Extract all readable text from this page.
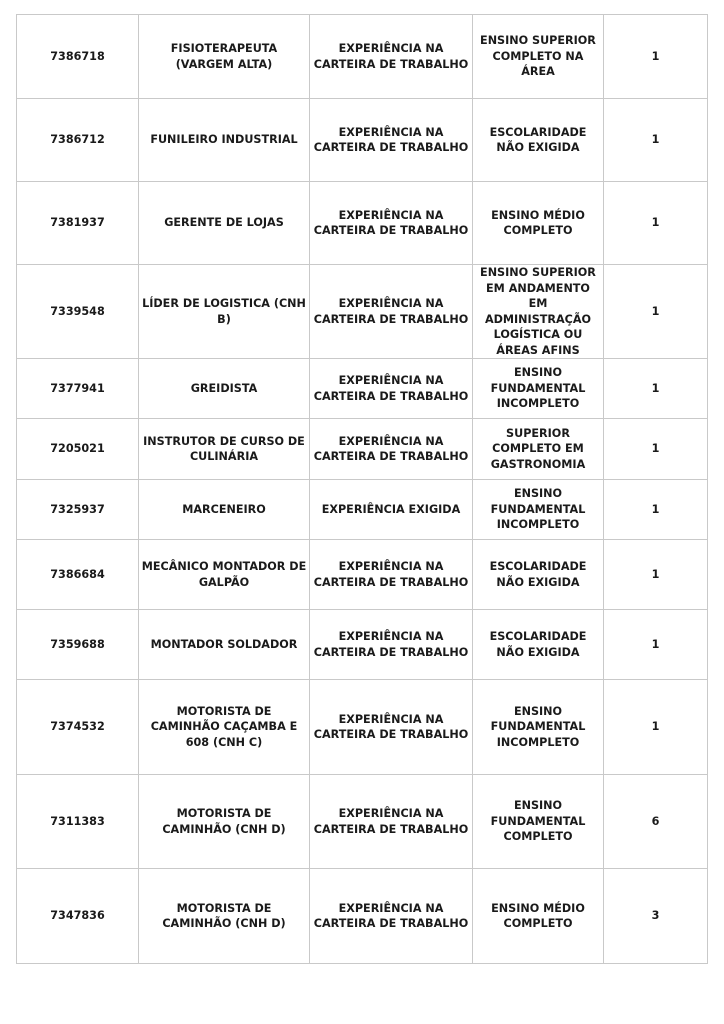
7386718	FISIOTERAPEUTA (VARGEM ALTA)	EXPERIÊNCIA NA CARTEIRA DE TRABALHO	ENSINO SUPERIOR COMPLETO NA ÁREA	1
7386712	FUNILEIRO INDUSTRIAL	EXPERIÊNCIA NA CARTEIRA DE TRABALHO	ESCOLARIDADE NÃO EXIGIDA	1
7381937	GERENTE DE LOJAS	EXPERIÊNCIA NA CARTEIRA DE TRABALHO	ENSINO MÉDIO COMPLETO	1
7339548	LÍDER DE LOGISTICA (CNH B)	EXPERIÊNCIA NA CARTEIRA DE TRABALHO	ENSINO SUPERIOR EM ANDAMENTO EM ADMINISTRAÇÃO LOGÍSTICA OU ÁREAS AFINS	1
7377941	GREIDISTA	EXPERIÊNCIA NA CARTEIRA DE TRABALHO	ENSINO FUNDAMENTAL INCOMPLETO	1
7205021	INSTRUTOR DE CURSO DE CULINÁRIA	EXPERIÊNCIA NA CARTEIRA DE TRABALHO	SUPERIOR COMPLETO EM GASTRONOMIA	1
7325937	MARCENEIRO	EXPERIÊNCIA EXIGIDA	ENSINO FUNDAMENTAL INCOMPLETO	1
7386684	MECÂNICO MONTADOR DE GALPÃO	EXPERIÊNCIA NA CARTEIRA DE TRABALHO	ESCOLARIDADE NÃO EXIGIDA	1
7359688	MONTADOR SOLDADOR	EXPERIÊNCIA NA CARTEIRA DE TRABALHO	ESCOLARIDADE NÃO EXIGIDA	1
7374532	MOTORISTA DE CAMINHÃO CAÇAMBA E 608 (CNH C)	EXPERIÊNCIA NA CARTEIRA DE TRABALHO	ENSINO FUNDAMENTAL INCOMPLETO	1
7311383	MOTORISTA DE CAMINHÃO (CNH D)	EXPERIÊNCIA NA CARTEIRA DE TRABALHO	ENSINO FUNDAMENTAL COMPLETO	6
7347836	MOTORISTA DE CAMINHÃO (CNH D)	EXPERIÊNCIA NA CARTEIRA DE TRABALHO	ENSINO MÉDIO COMPLETO	3
